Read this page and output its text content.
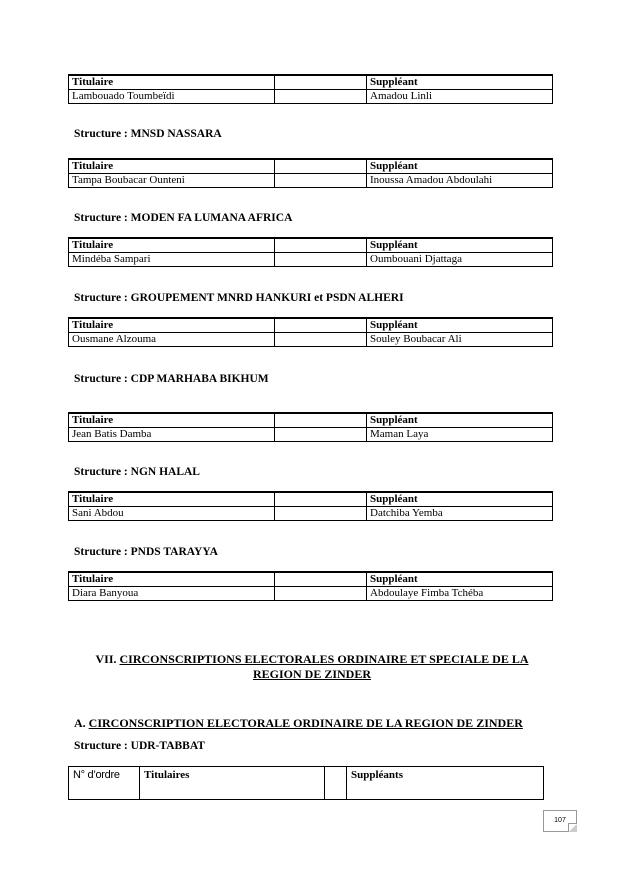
Titulaire		Suppléant
Lambouado Toumbeïdi		Amadou Linli
Structure : MNSD NASSARA
Titulaire		Suppléant
Tampa Boubacar Ounteni		Inoussa Amadou Abdoulahi
Structure : MODEN FA LUMANA AFRICA
Titulaire		Suppléant
Mindéba Sampari		Oumbouani Djattaga
Structure : GROUPEMENT MNRD HANKURI et PSDN ALHERI
Titulaire		Suppléant
Ousmane Alzouma		Souley Boubacar Ali
Structure : CDP MARHABA BIKHUM
Titulaire		Suppléant
Jean Batis Damba		Maman Laya
Structure : NGN HALAL
Titulaire		Suppléant
Sani Abdou		Datchiba Yemba
Structure : PNDS TARAYYA
Titulaire		Suppléant
Diara Banyoua		Abdoulaye Fimba Tchéba
VII. CIRCONSCRIPTIONS ELECTORALES ORDINAIRE ET SPECIALE DE LA
REGION DE ZINDER
A. CIRCONSCRIPTION ELECTORALE ORDINAIRE DE LA REGION DE ZINDER
Structure : UDR-TABBAT
N° d’ordre	Titulaires		Suppléants
107
